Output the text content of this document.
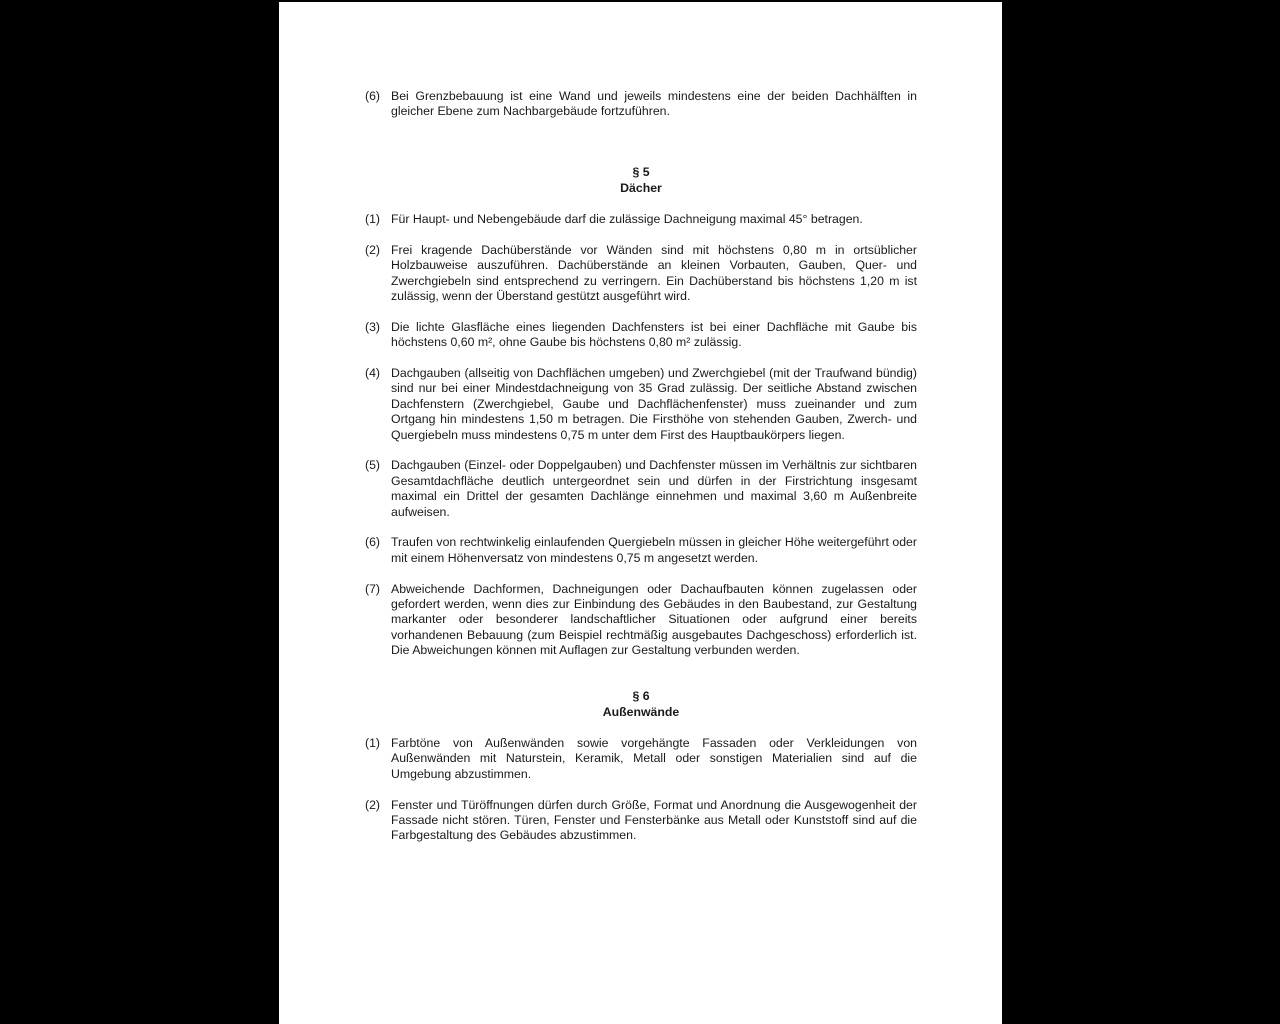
(6) Bei Grenzbebauung ist eine Wand und jeweils mindestens eine der beiden Dachhälften in gleicher Ebene zum Nachbargebäude fortzuführen.
§ 5
Dächer
(1) Für Haupt- und Nebengebäude darf die zulässige Dachneigung maximal 45° betragen.
(2) Frei kragende Dachüberstände vor Wänden sind mit höchstens 0,80 m in ortsüblicher Holzbauweise auszuführen. Dachüberstände an kleinen Vorbauten, Gauben, Quer- und Zwerchgiebeln sind entsprechend zu verringern. Ein Dachüberstand bis höchstens 1,20 m ist zulässig, wenn der Überstand gestützt ausgeführt wird.
(3) Die lichte Glasfläche eines liegenden Dachfensters ist bei einer Dachfläche mit Gaube bis höchstens 0,60 m², ohne Gaube bis höchstens 0,80 m² zulässig.
(4) Dachgauben (allseitig von Dachflächen umgeben) und Zwerchgiebel (mit der Traufwand bündig) sind nur bei einer Mindestdachneigung von 35 Grad zulässig. Der seitliche Abstand zwischen Dachfenstern (Zwerchgiebel, Gaube und Dachflächenfenster) muss zueinander und zum Ortgang hin mindestens 1,50 m betragen. Die Firsthöhe von stehenden Gauben, Zwerch- und Quergiebeln muss mindestens 0,75 m unter dem First des Hauptbaukörpers liegen.
(5) Dachgauben (Einzel- oder Doppelgauben) und Dachfenster müssen im Verhältnis zur sichtbaren Gesamtdachfläche deutlich untergeordnet sein und dürfen in der Firstrichtung insgesamt maximal ein Drittel der gesamten Dachlänge einnehmen und maximal 3,60 m Außenbreite aufweisen.
(6) Traufen von rechtwinkelig einlaufenden Quergiebeln müssen in gleicher Höhe weitergeführt oder mit einem Höhenversatz von mindestens 0,75 m angesetzt werden.
(7) Abweichende Dachformen, Dachneigungen oder Dachaufbauten können zugelassen oder gefordert werden, wenn dies zur Einbindung des Gebäudes in den Baubestand, zur Gestaltung markanter oder besonderer landschaftlicher Situationen oder aufgrund einer bereits vorhandenen Bebauung (zum Beispiel rechtmäßig ausgebautes Dachgeschoss) erforderlich ist. Die Abweichungen können mit Auflagen zur Gestaltung verbunden werden.
§ 6
Außenwände
(1) Farbtöne von Außenwänden sowie vorgehängte Fassaden oder Verkleidungen von Außenwänden mit Naturstein, Keramik, Metall oder sonstigen Materialien sind auf die Umgebung abzustimmen.
(2) Fenster und Türöffnungen dürfen durch Größe, Format und Anordnung die Ausgewogenheit der Fassade nicht stören. Türen, Fenster und Fensterbänke aus Metall oder Kunststoff sind auf die Farbgestaltung des Gebäudes abzustimmen.
